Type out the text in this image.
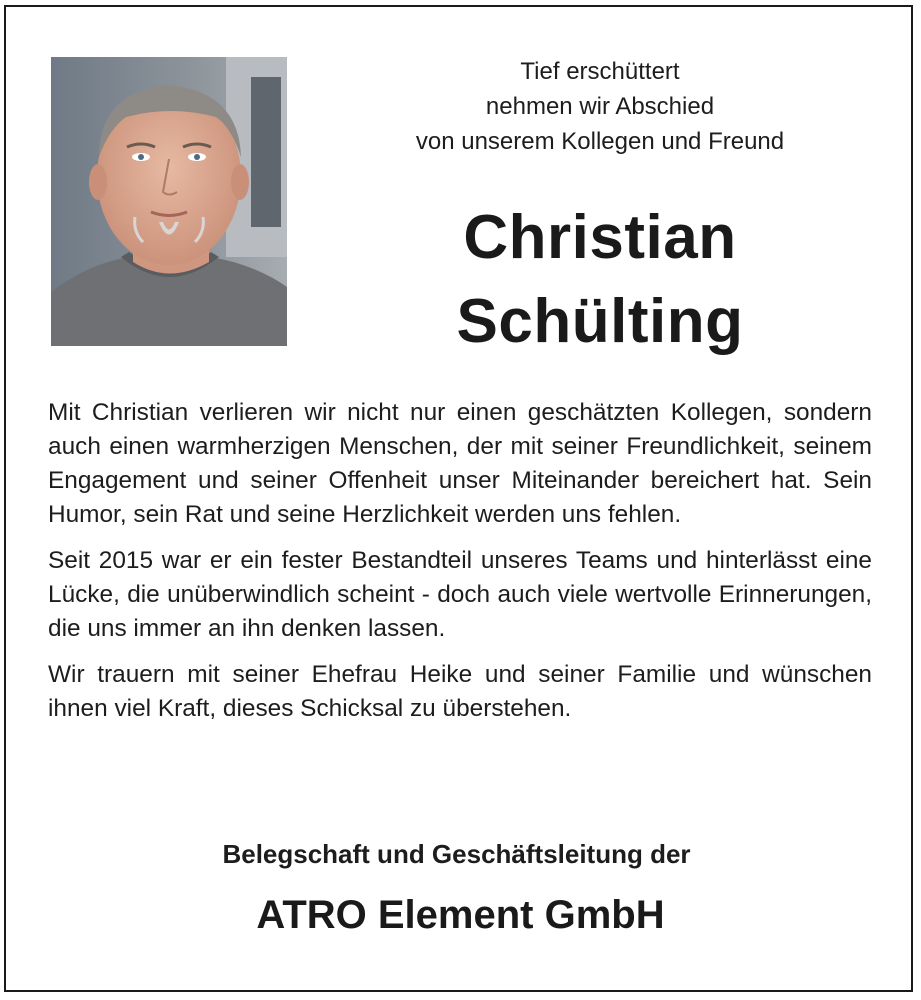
Tief erschüttert
nehmen wir Abschied
von unserem Kollegen und Freund
Christian
Schülting

Mit Christian verlieren wir nicht nur einen geschätzten Kollegen, sondern auch einen warmherzigen Menschen, der mit seiner Freundlichkeit, seinem Engagement und seiner Offenheit unser Miteinander bereichert hat. Sein Humor, sein Rat und seine Herzlichkeit werden uns fehlen.

Seit 2015 war er ein fester Bestandteil unseres Teams und hinterlässt eine Lücke, die unüberwindlich scheint - doch auch viele wertvolle Erinnerungen, die uns immer an ihn denken lassen.

Wir trauern mit seiner Ehefrau Heike und seiner Familie und wünschen ihnen viel Kraft, dieses Schicksal zu überstehen.

Belegschaft und Geschäftsleitung der
ATRO Element GmbH
